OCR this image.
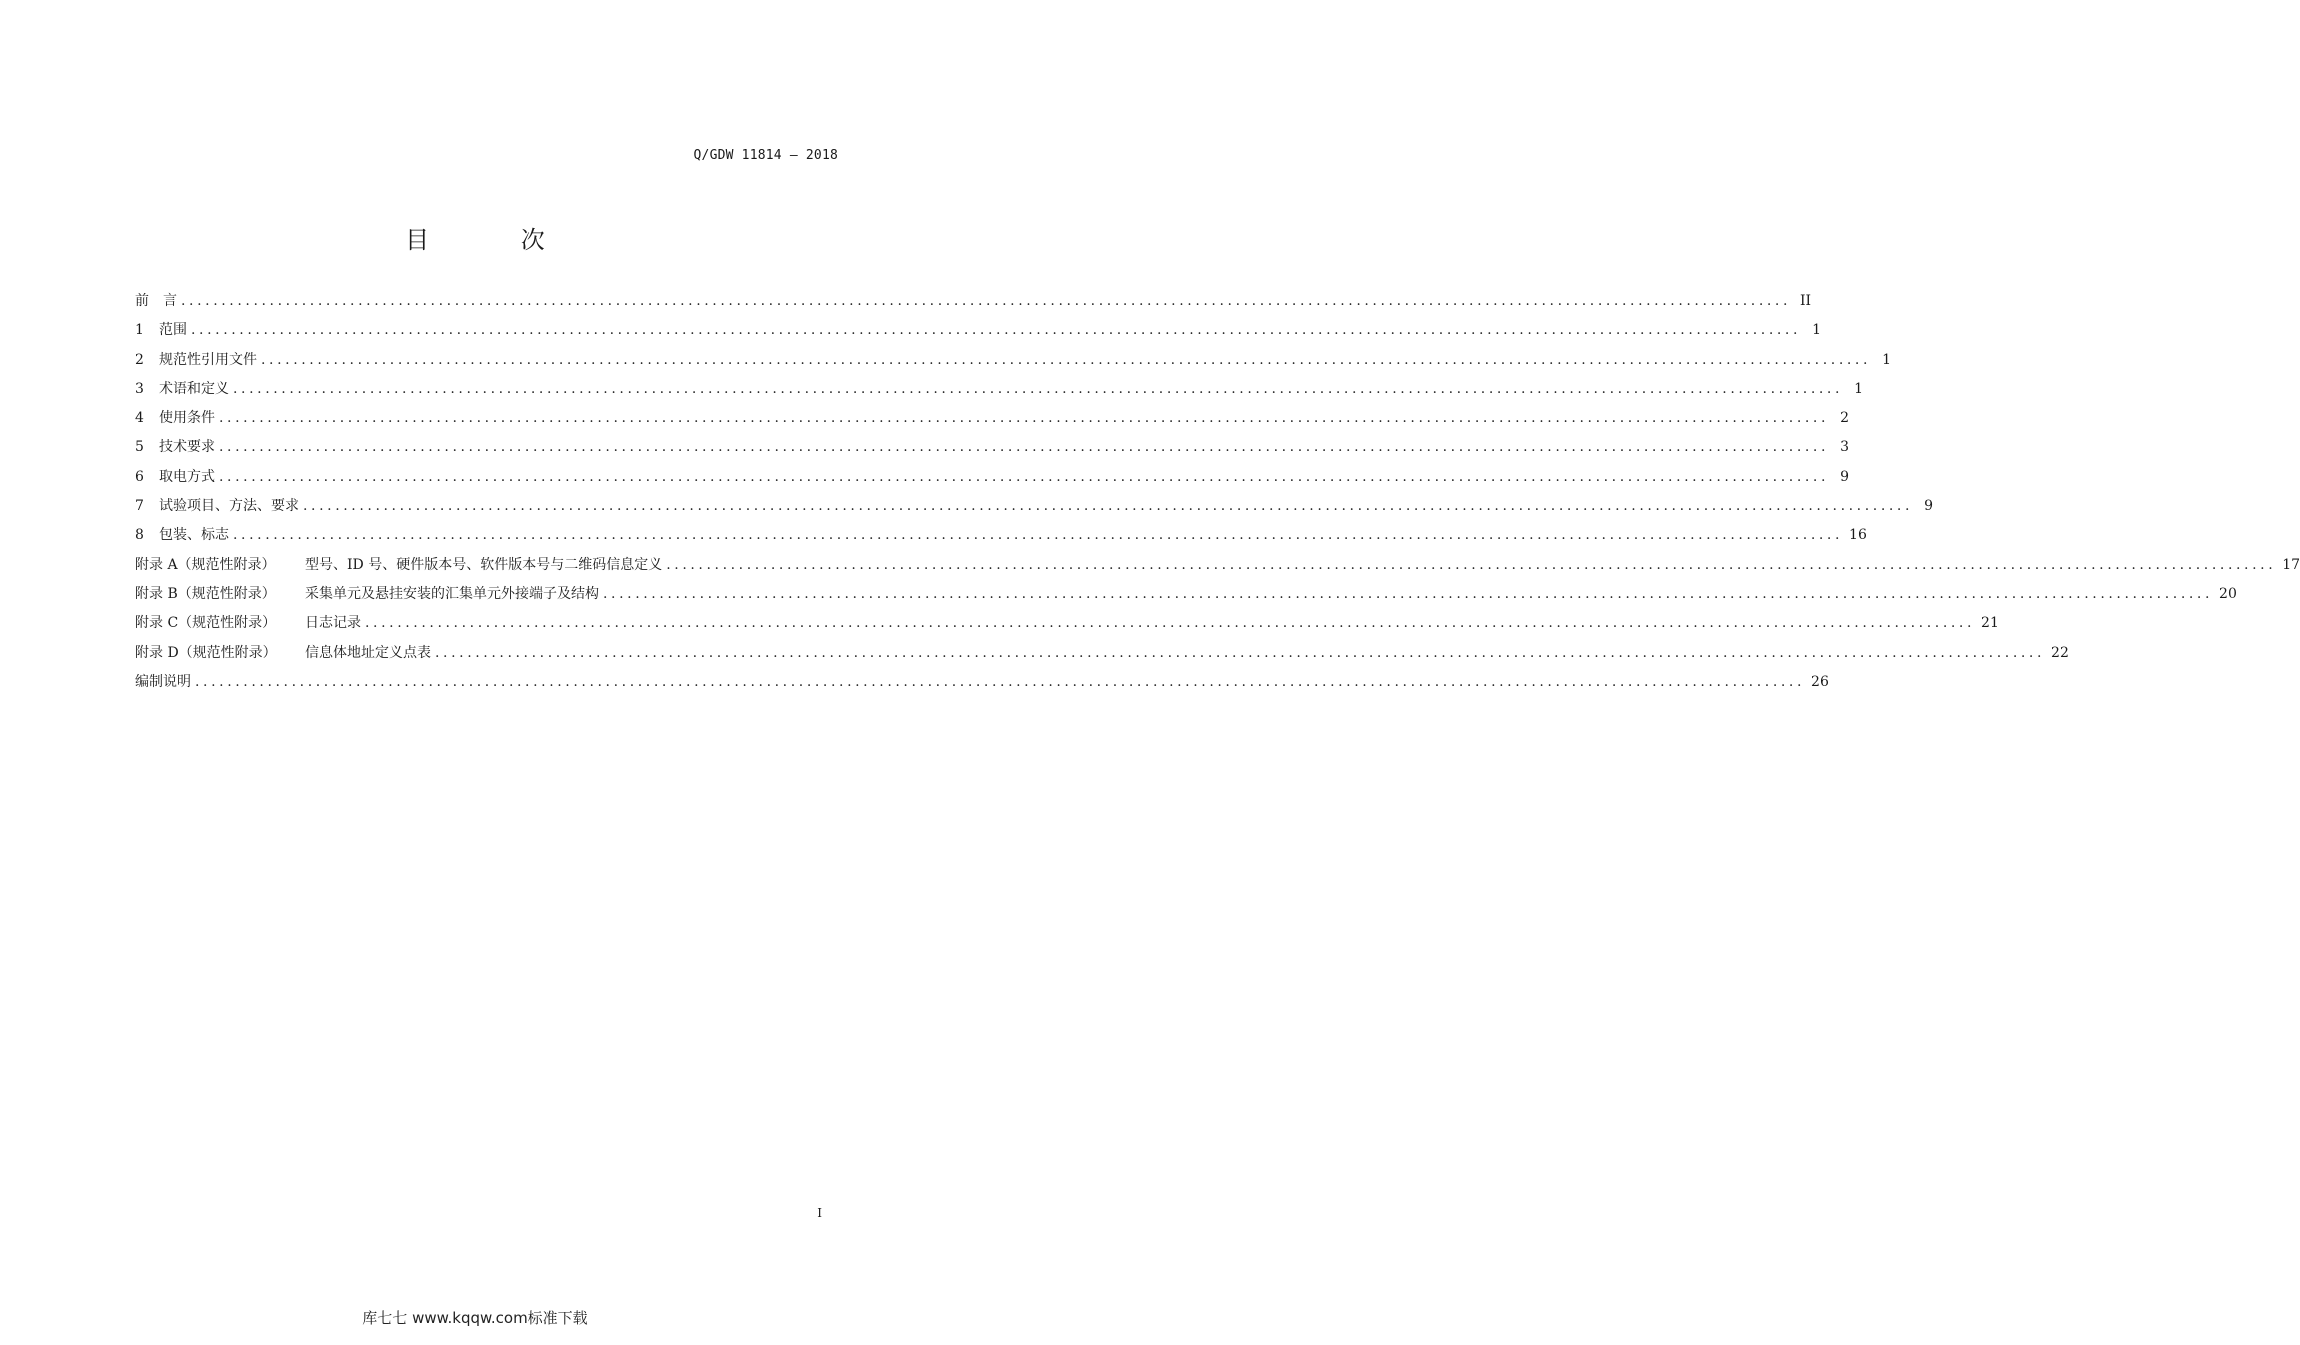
Q/GDW 11814 — 2018
目 次
前　言 ........................................................................................................................................................................................................ II
1	范围 ........................................................................................................................................................................................................ 1
2	规范性引用文件 ........................................................................................................................................................................................................ 1
3	术语和定义 ........................................................................................................................................................................................................ 1
4	使用条件 ........................................................................................................................................................................................................ 2
5	技术要求 ........................................................................................................................................................................................................ 3
6	取电方式 ........................................................................................................................................................................................................ 9
7	试验项目、方法、要求 ........................................................................................................................................................................................................ 9
8	包装、标志 ........................................................................................................................................................................................................ 16
附录 A（规范性附录）	型号、ID 号、硬件版本号、软件版本号与二维码信息定义 ........................................................................................................................................................................................................ 17
附录 B（规范性附录）	采集单元及悬挂安装的汇集单元外接端子及结构 ........................................................................................................................................................................................................ 20
附录 C（规范性附录）	日志记录 ........................................................................................................................................................................................................ 21
附录 D（规范性附录）	信息体地址定义点表 ........................................................................................................................................................................................................ 22
编制说明 ........................................................................................................................................................................................................ 26
I
库七七 www.kqqw.com标准下载
